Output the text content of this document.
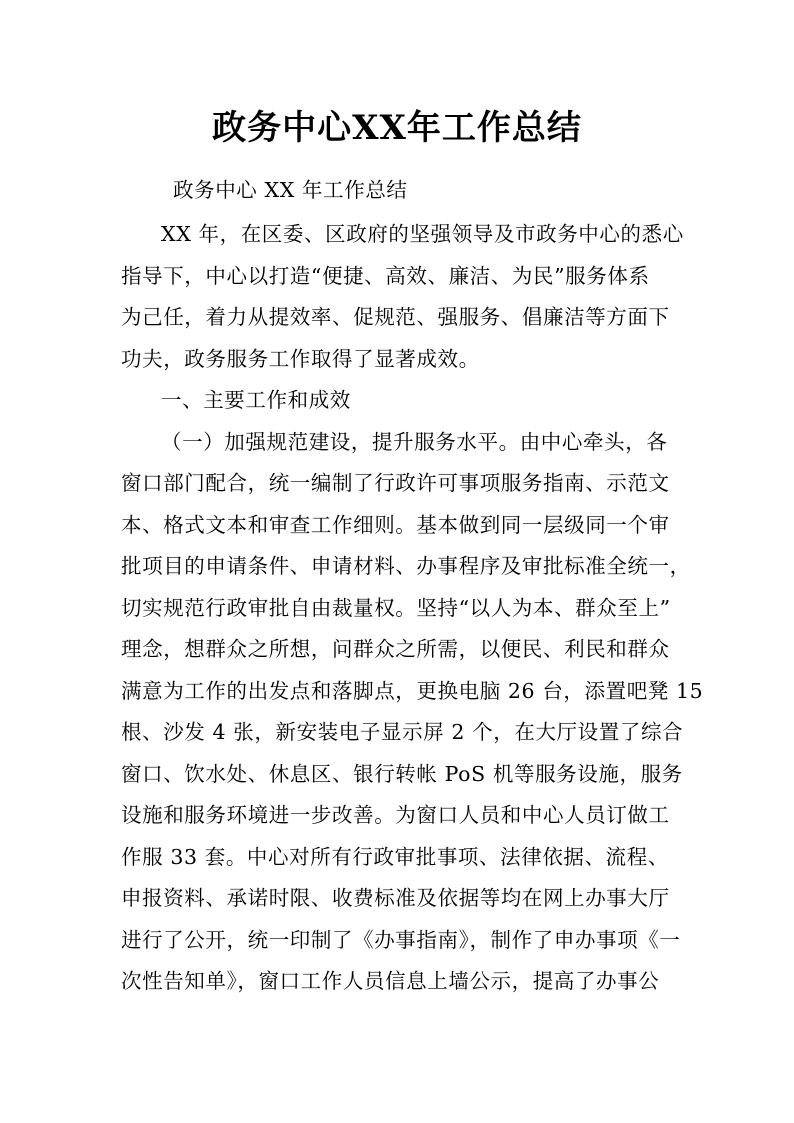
政务中心XX年工作总结
政务中心 XX 年工作总结
XX 年，在区委、区政府的坚强领导及市政务中心的悉心
指导下，中心以打造“便捷、高效、廉洁、为民”服务体系
为己任，着力从提效率、促规范、强服务、倡廉洁等方面下
功夫，政务服务工作取得了显著成效。
一、主要工作和成效
（一）加强规范建设，提升服务水平。由中心牵头，各
窗口部门配合，统一编制了行政许可事项服务指南、示范文
本、格式文本和审查工作细则。基本做到同一层级同一个审
批项目的申请条件、申请材料、办事程序及审批标准全统一，
切实规范行政审批自由裁量权。坚持“以人为本、群众至上”
理念，想群众之所想，问群众之所需，以便民、利民和群众
满意为工作的出发点和落脚点，更换电脑 26 台，添置吧凳 15
根、沙发 4 张，新安装电子显示屏 2 个，在大厅设置了综合
窗口、饮水处、休息区、银行转帐 PoS 机等服务设施，服务
设施和服务环境进一步改善。为窗口人员和中心人员订做工
作服 33 套。中心对所有行政审批事项、法律依据、流程、
申报资料、承诺时限、收费标准及依据等均在网上办事大厅
进行了公开，统一印制了《办事指南》，制作了申办事项《一
次性告知单》，窗口工作人员信息上墙公示，提高了办事公
